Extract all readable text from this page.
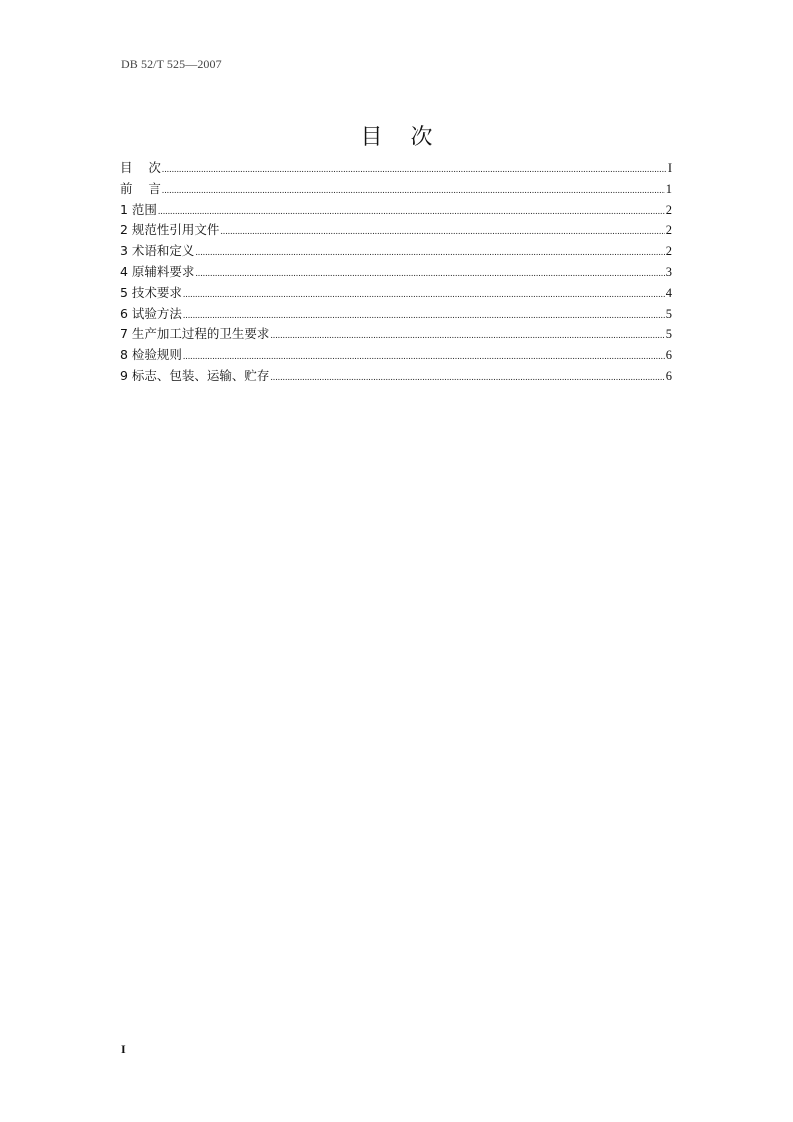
DB 52/T 525—2007
目    次
目    次 .....	I
前    言 .....	1
1 范围 .....	2
2 规范性引用文件 .....	2
3 术语和定义 .....	2
4 原辅料要求 .....	3
5 技术要求 .....	4
6 试验方法 .....	5
7 生产加工过程的卫生要求 .....	5
8 检验规则 .....	6
9 标志、包装、运输、贮存 .....	6
I
